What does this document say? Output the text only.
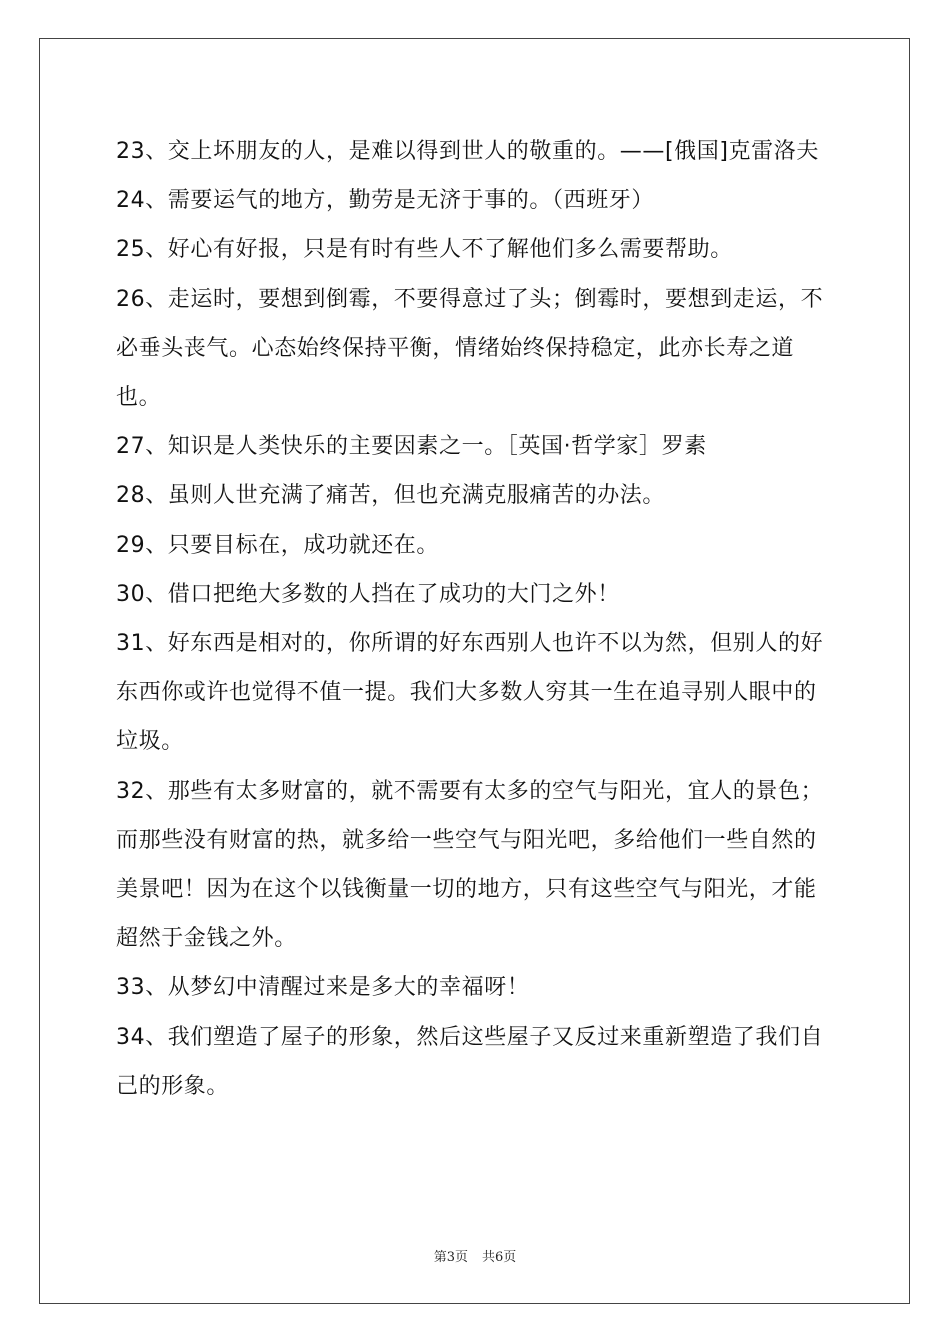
23、交上坏朋友的人，是难以得到世人的敬重的。——[俄国]克雷洛夫

24、需要运气的地方，勤劳是无济于事的。（西班牙）

25、好心有好报，只是有时有些人不了解他们多么需要帮助。

26、走运时，要想到倒霉，不要得意过了头；倒霉时，要想到走运，不必垂头丧气。心态始终保持平衡，情绪始终保持稳定，此亦长寿之道也。

27、知识是人类快乐的主要因素之一。［英国·哲学家］罗素

28、虽则人世充满了痛苦，但也充满克服痛苦的办法。

29、只要目标在，成功就还在。

30、借口把绝大多数的人挡在了成功的大门之外！

31、好东西是相对的，你所谓的好东西别人也许不以为然，但别人的好东西你或许也觉得不值一提。我们大多数人穷其一生在追寻别人眼中的垃圾。

32、那些有太多财富的，就不需要有太多的空气与阳光，宜人的景色；而那些没有财富的热，就多给一些空气与阳光吧，多给他们一些自然的美景吧！因为在这个以钱衡量一切的地方，只有这些空气与阳光，才能超然于金钱之外。

33、从梦幻中清醒过来是多大的幸福呀！

34、我们塑造了屋子的形象，然后这些屋子又反过来重新塑造了我们自己的形象。

第3页 共6页
